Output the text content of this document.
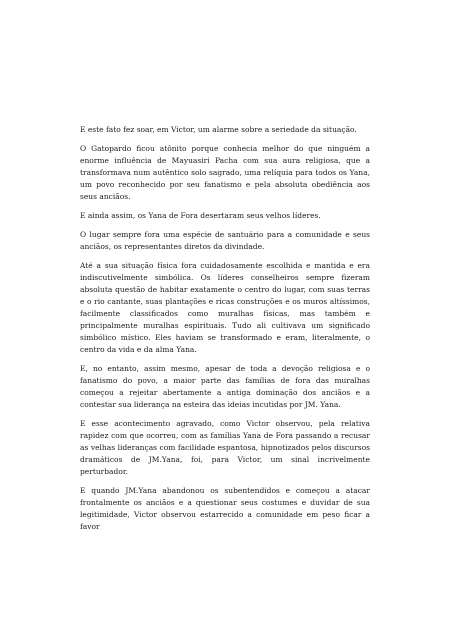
E este fato fez soar, em Victor, um alarme sobre a seriedade da situação.

O Gatopardo ficou atônito porque conhecia melhor do que ninguém a enorme influência de Mayuasiri Pacha com sua aura religiosa, que a transformava num autêntico solo sagrado, uma relíquia para todos os Yana, um povo reconhecido por seu fanatismo e pela absoluta obediência aos seus anciãos.

E ainda assim, os Yana de Fora desertaram seus velhos líderes.

O lugar sempre fora uma espécie de santuário para a comunidade e seus anciãos, os representantes diretos da divindade.

Até a sua situação física fora cuidadosamente escolhida e mantida e era indiscutivelmente simbólica. Os líderes conselheiros sempre fizeram absoluta questão de habitar exatamente o centro do lugar, com suas terras e o rio cantante, suas plantações e ricas construções e os muros altíssimos, facilmente classificados como muralhas físicas, mas também e principalmente muralhas espirituais. Tudo ali cultivava um significado simbólico místico. Eles haviam se transformado e eram, literalmente, o centro da vida e da alma Yana.

E, no entanto, assim mesmo, apesar de toda a devoção religiosa e o fanatismo do povo, a maior parte das famílias de fora das muralhas começou a rejeitar abertamente a antiga dominação dos anciãos e a contestar sua liderança na esteira das ideias incutidas por JM. Yana.

E esse acontecimento agravado, como Victor observou, pela relativa rapidez com que ocorreu, com as famílias Yana de Fora passando a recusar as velhas lideranças com facilidade espantosa, hipnotizados pelos discursos dramáticos de JM.Yana, foi, para Victor, um sinal incrivelmente perturbador.

E quando JM.Yana abandonou os subentendidos e começou a atacar frontalmente os anciãos e a questionar seus costumes e duvidar de sua legitimidade, Victor observou estarrecido a comunidade em peso ficar a favor
